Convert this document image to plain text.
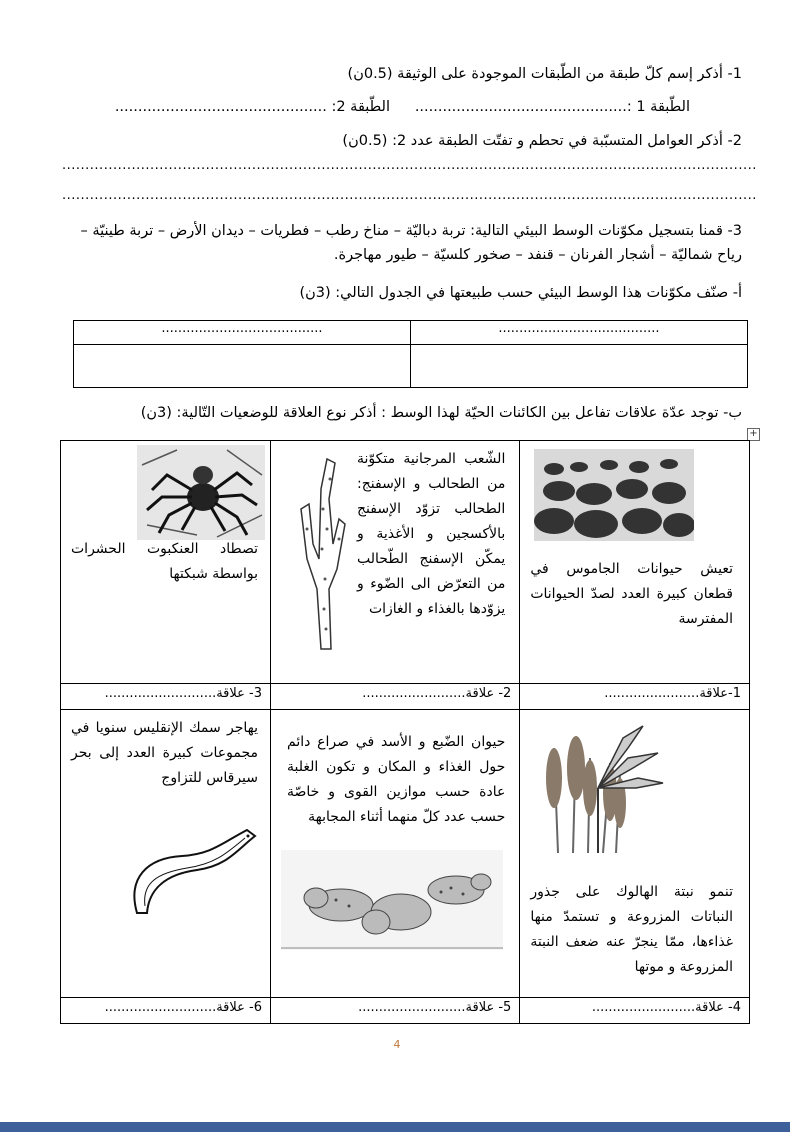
1- أذكر إسم كلّ طبقة من الطّبقات الموجودة على الوثيقة (0.5ن)
الطّبقة 1 :..............................................
الطّبقة 2: ..............................................
2- أذكر العوامل المتسبّبة في تحطم و تفتّت الطبقة عدد 2: (0.5ن)
......................................................................................................................................................
......................................................................................................................................................
3- قمنا بتسجيل مكوّنات الوسط البيئي التالية: تربة دباليّة – مناخ رطب – فطريات – ديدان الأرض – تربة طينيّة – رياح شماليّة – أشجار الفرنان – قنفد – صخور كلسيّة – طيور مهاجرة.
أ- صنّف مكوّنات هذا الوسط البيئي حسب طبيعتها في الجدول التالي: (3ن)
.......................................	.......................................

ب- توجد عدّة علاقات تفاعل بين الكائنات الحيّة لهذا الوسط : أذكر نوع العلاقة للوضعيات التّالية: (3ن)
+
تصطاد العنكبوت الحشرات بواسطة شبكتها	الشّعب المرجانية متكوّنة من الطحالب و الإسفنج: الطحالب تزوّد الإسفنج بالأكسجين و الأغذية و يمكّن الإسفنج الطّحالب من التعرّض الى الضّوء و يزوّدها بالغذاء و الغازات	تعيش حيوانات الجاموس في قطعان كبيرة العدد لصدّ الحيوانات المفترسة

3- علاقة...........................	2- علاقة.........................	1-علاقة.......................

يهاجر سمك الإنقليس سنويا في مجموعات كبيرة العدد إلى بحر سيرقاس للتزاوج	حيوان الضّبع و الأسد في صراع دائم حول الغذاء و المكان و تكون الغلبة عادة حسب موازين القوى و خاصّة حسب عدد كلّ منهما أثناء المجابهة	تنمو نبتة الهالوك على جذور النباتات المزروعة و تستمدّ منها غذاءها، ممّا ينجرّ عنه ضعف النبتة المزروعة و موتها

6- علاقة...........................	5- علاقة..........................	4- علاقة.........................
4
